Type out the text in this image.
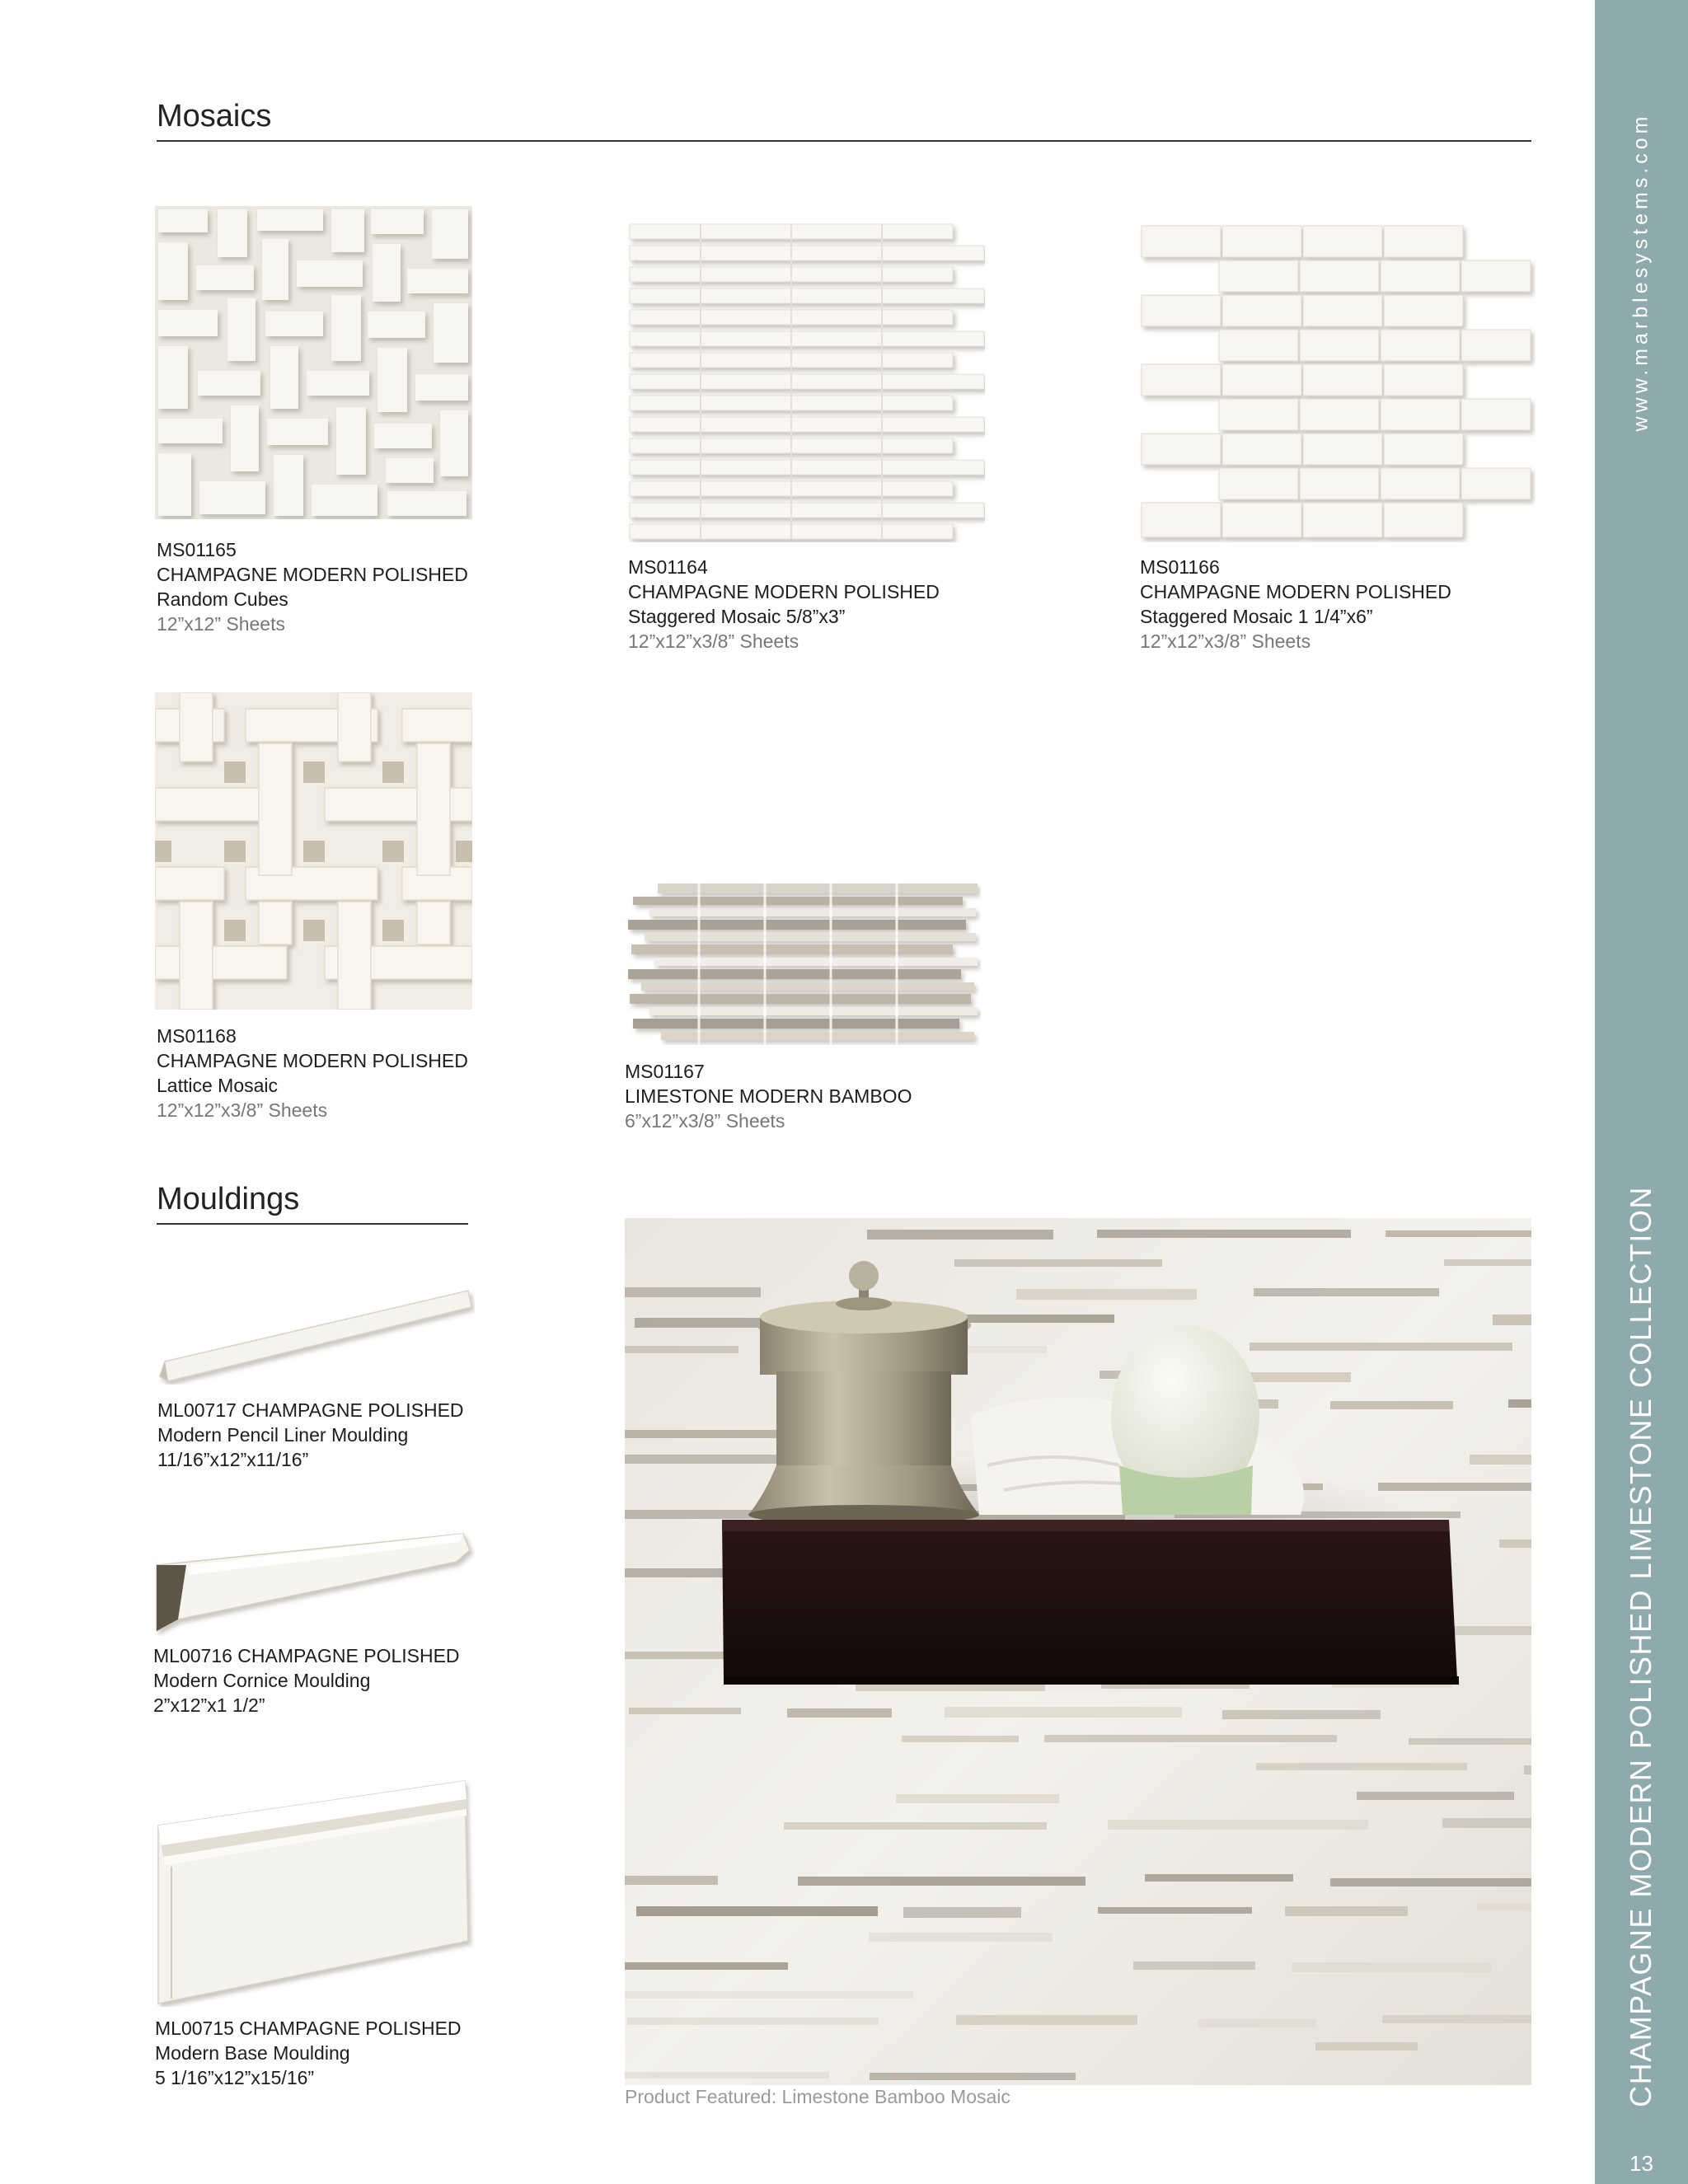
www.marblesystems.com
CHAMPAGNE MODERN POLISHED LIMESTONE COLLECTION
13
Mosaics
MS01165
CHAMPAGNE MODERN POLISHED
Random Cubes
12”x12” Sheets
MS01164
CHAMPAGNE MODERN POLISHED
Staggered Mosaic 5/8”x3”
12”x12”x3/8” Sheets
MS01166
CHAMPAGNE MODERN POLISHED
Staggered Mosaic 1 1/4”x6”
12”x12”x3/8” Sheets
MS01168
CHAMPAGNE MODERN POLISHED
Lattice Mosaic
12”x12”x3/8” Sheets
MS01167
LIMESTONE MODERN BAMBOO
6”x12”x3/8” Sheets
Mouldings
ML00717 CHAMPAGNE POLISHED
Modern Pencil Liner Moulding
11/16”x12”x11/16”
ML00716 CHAMPAGNE POLISHED
Modern Cornice Moulding
2”x12”x1 1/2”
ML00715 CHAMPAGNE POLISHED
Modern Base Moulding
5 1/16”x12”x15/16”
Product Featured: Limestone Bamboo Mosaic
